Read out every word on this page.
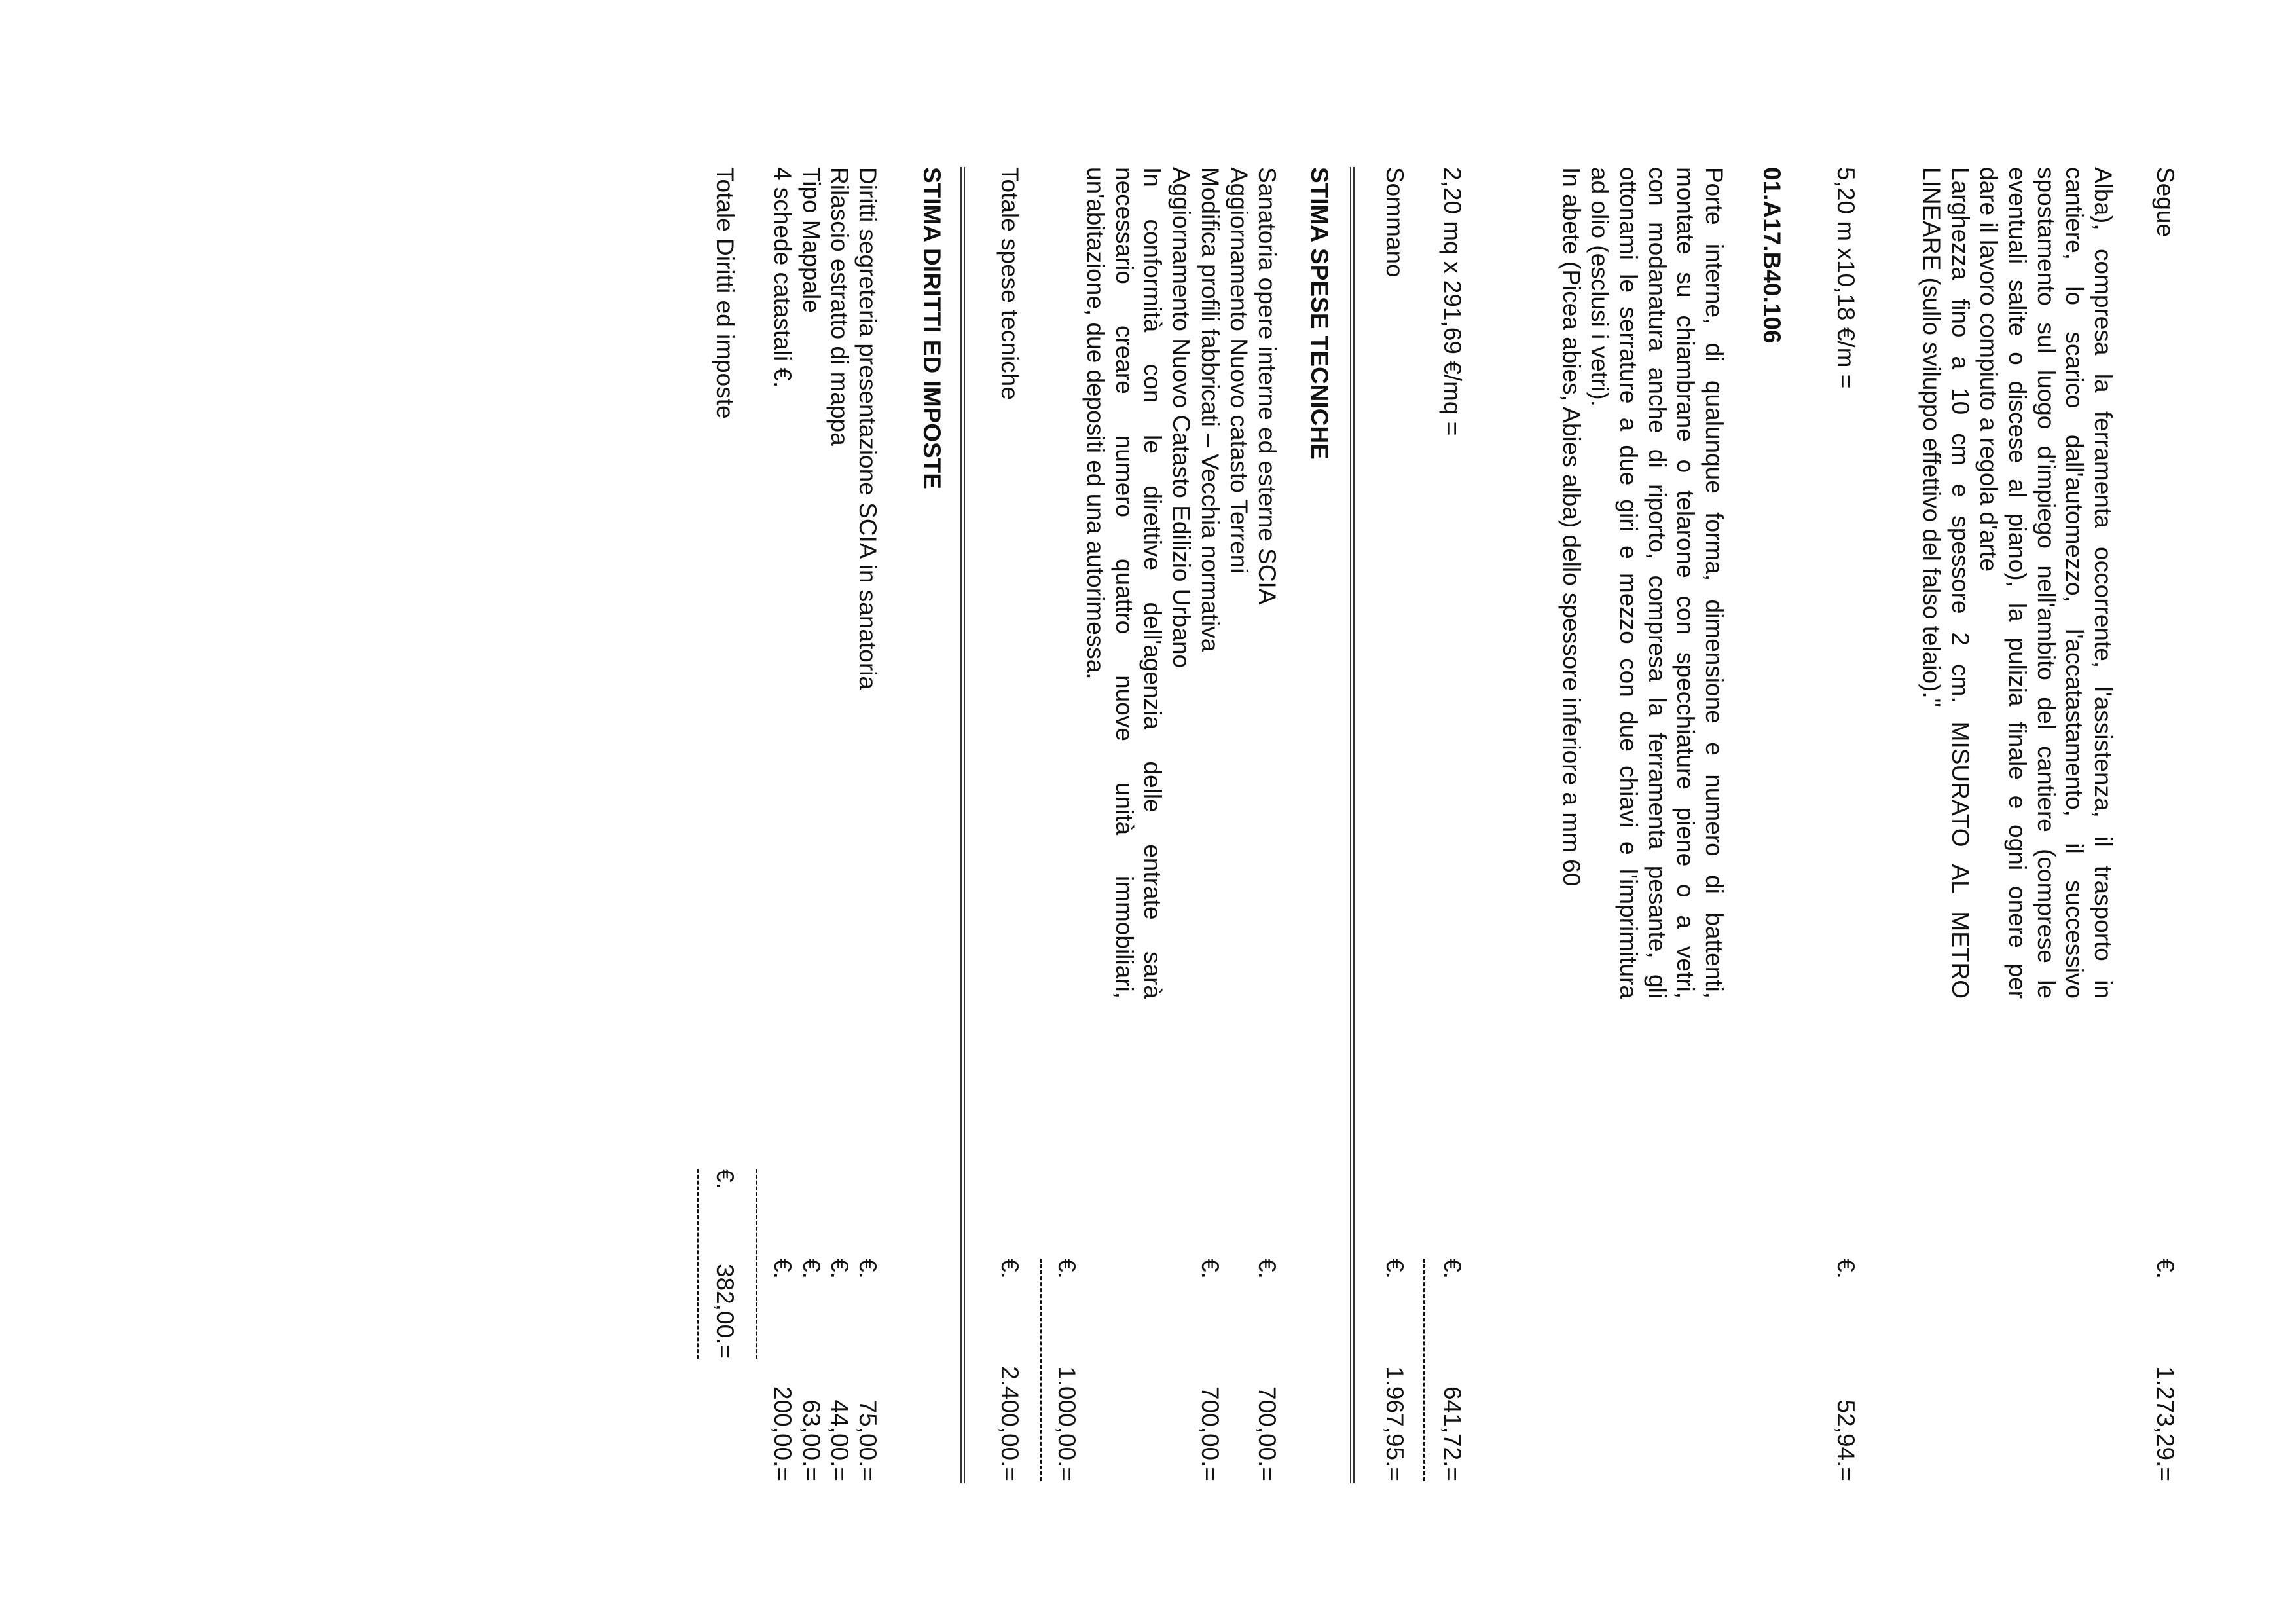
Segue
€.
1.273,29.=
Alba), compresa la ferramenta occorrente, l'assistenza, il trasporto in
cantiere, lo scarico dall'automezzo, l'accatastamento, il successivo
spostamento sul luogo d'impiego nell'ambito del cantiere (comprese le
eventuali salite o discese al piano), la pulizia finale e ogni onere per
dare il lavoro compiuto a regola d'arte
Larghezza fino a 10 cm e spessore 2 cm. MISURATO AL METRO
LINEARE (sullo sviluppo effettivo del falso telaio)."
5,20 m x10,18 €/m =
€.
52,94.=
01.A17.B40.106
Porte interne, di qualunque forma, dimensione e numero di battenti,
montate su chiambrane o telarone con specchiature piene o a vetri,
con modanatura anche di riporto, compresa la ferramenta pesante, gli
ottonami le serrature a due giri e mezzo con due chiavi e l'imprimitura
ad olio (esclusi i vetri).
In abete (Picea abies, Abies alba) dello spessore inferiore a mm 60
2,20 mq x 291,69 €/mq =
€.
641,72.=
Sommano
€.
1.967,95.=
STIMA SPESE TECNICHE
Sanatoria opere interne ed esterne SCIA
€.
700,00.=
Aggiornamento Nuovo catasto Terreni
Modifica profili fabbricati – Vecchia normativa
€.
700,00.=
Aggiornamento Nuovo Catasto Edilizio Urbano
In conformità con le direttive dell'agenzia delle entrate sarà
necessario creare numero quattro nuove unità immobiliari,
un'abitazione, due depositi ed una autorimessa.
€.
1.000,00.=
Totale spese tecniche
€.
2.400,00.=
STIMA DIRITTI ED IMPOSTE
Diritti segreteria presentazione SCIA in sanatoria
€.
75,00.=
Rilascio estratto di mappa
€.
44,00.=
Tipo Mappale
€.
63,00.=
4 schede catastali €.
€.
200,00.=
Totale Diritti ed imposte
€.
382,00.=
